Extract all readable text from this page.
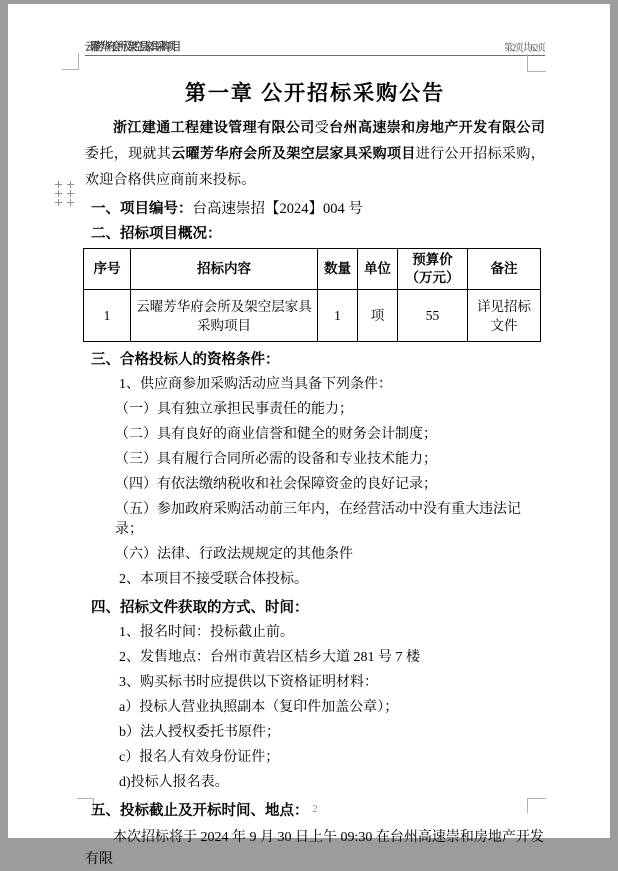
云曜芳华府会所及架空层家具采购项目	第2页共62页
第一章 公开招标采购公告

浙江建通工程建设管理有限公司受台州高速崇和房地产开发有限公司委托，现就其云曜芳华府会所及架空层家具采购项目进行公开招标采购，欢迎合格供应商前来投标。

一、项目编号：台高速崇招【2024】004 号
二、招标项目概况：
序号	招标内容	数量	单位	预算价（万元）	备注
1	云曜芳华府会所及架空层家具采购项目	1	项	55	详见招标文件
三、合格投标人的资格条件：
1、供应商参加采购活动应当具备下列条件：
（一）具有独立承担民事责任的能力；
（二）具有良好的商业信誉和健全的财务会计制度；
（三）具有履行合同所必需的设备和专业技术能力；
（四）有依法缴纳税收和社会保障资金的良好记录；
（五）参加政府采购活动前三年内，在经营活动中没有重大违法记录；
（六）法律、行政法规规定的其他条件
2、本项目不接受联合体投标。
四、招标文件获取的方式、时间：
1、报名时间：投标截止前。
2、发售地点：台州市黄岩区桔乡大道 281 号 7 楼
3、购买标书时应提供以下资格证明材料：
a）投标人营业执照副本（复印件加盖公章）；
b）法人授权委托书原件；
c）报名人有效身份证件；
d)投标人报名表。
五、投标截止及开标时间、地点：
本次招标将于 2024 年 9 月 30 日上午 09:30 在台州高速崇和房地产开发有限
2
